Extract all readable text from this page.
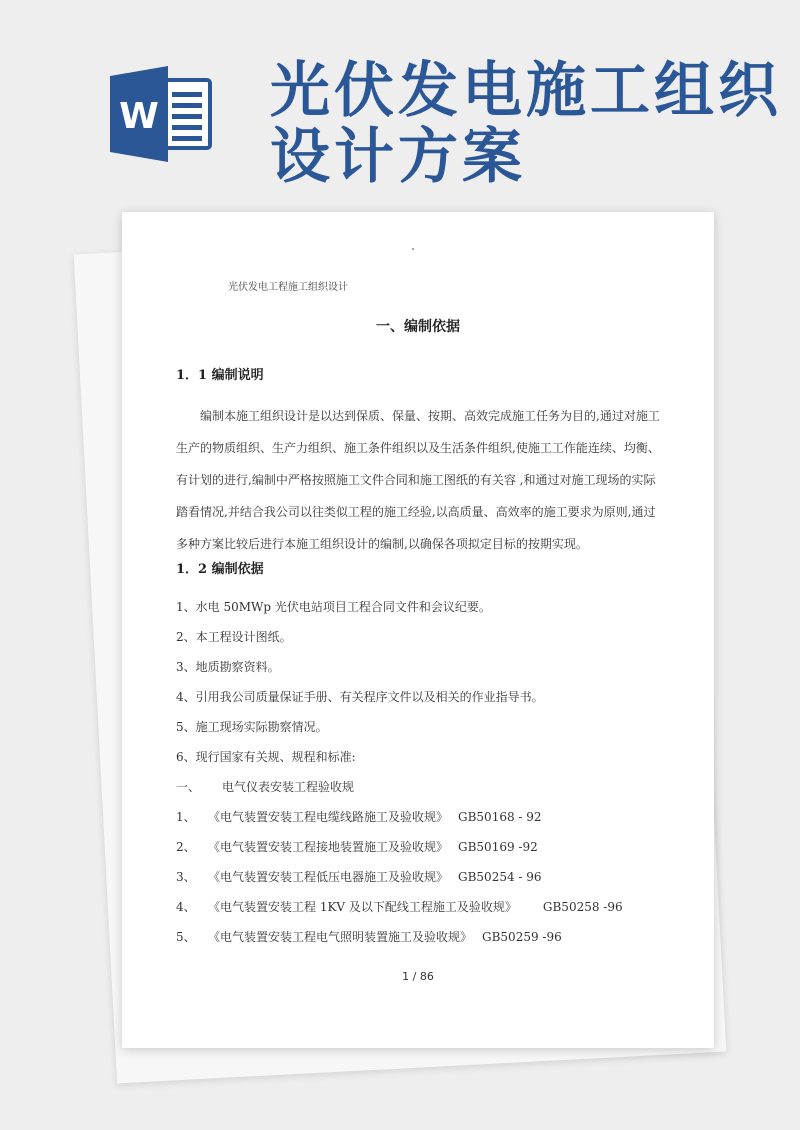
W 光伏发电施工组织
设计方案
光伏发电工程施工组织设计
一、编制依据
1．1 编制说明

编制本施工组织设计是以达到保质、保量、按期、高效完成施工任务为目的,通过对施工

生产的物质组织、生产力组织、施工条件组织以及生活条件组织,使施工工作能连续、均衡、

有计划的进行,编制中严格按照施工文件合同和施工图纸的有关容 ,和通过对施工现场的实际

踏看情况,并结合我公司以往类似工程的施工经验,以高质量、高效率的施工要求为原则,通过

多种方案比较后进行本施工组织设计的编制,以确保各项拟定目标的按期实现。

1．2 编制依据
1、水电 50MWp 光伏电站项目工程合同文件和会议纪要。
2、本工程设计图纸。
3、地质勘察资料。
4、引用我公司质量保证手册、有关程序文件以及相关的作业指导书。
5、施工现场实际勘察情况。
6、现行国家有关规、规程和标准:
一、 电气仪表安装工程验收规
1、 《电气装置安装工程电缆线路施工及验收规》 GB50168 - 92
2、 《电气装置安装工程接地装置施工及验收规》 GB50169 -92
3、 《电气装置安装工程低压电器施工及验收规》 GB50254 - 96
4、 《电气装置安装工程 1KV 及以下配线工程施工及验收规》 GB50258 -96
5、 《电气装置安装工程电气照明装置施工及验收规》 GB50259 -96
1 / 86
